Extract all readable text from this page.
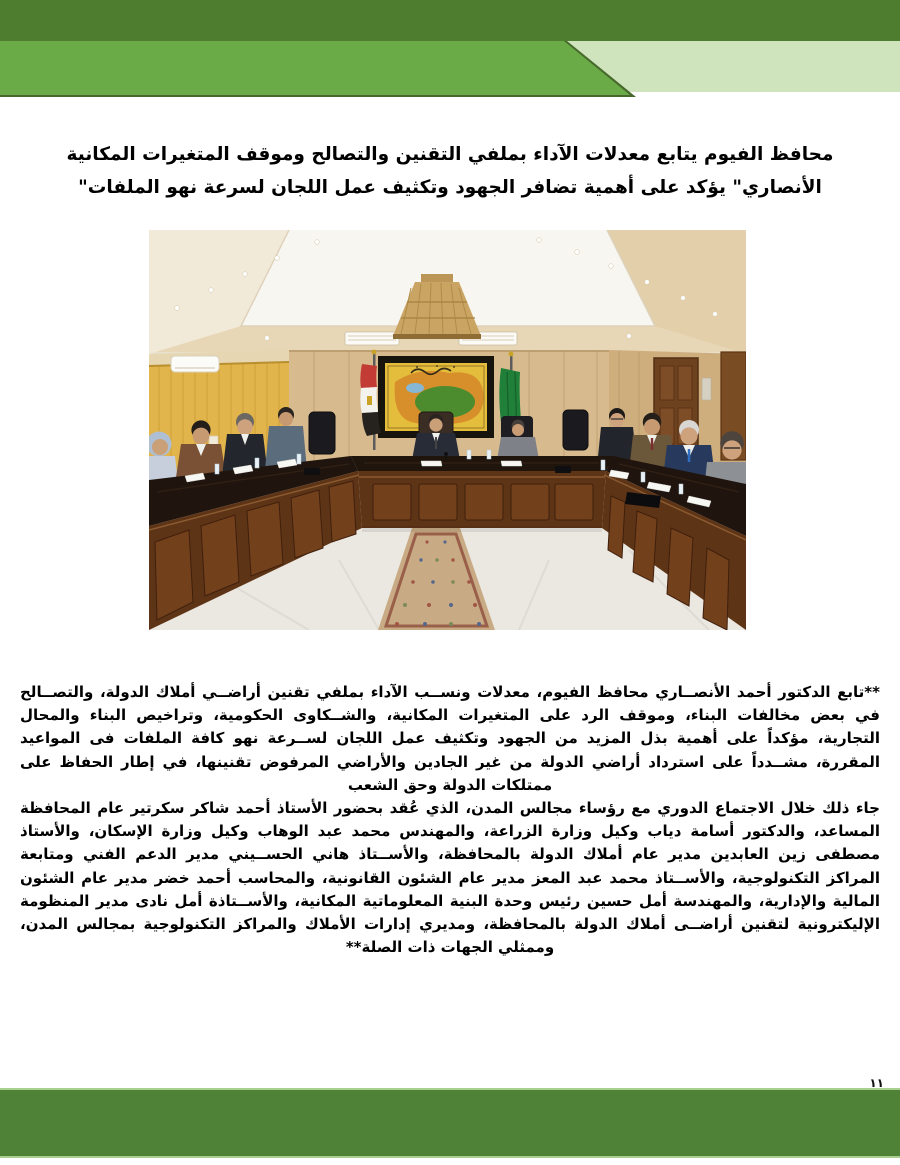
محافظ الفيوم يتابع معدلات الآداء بملفي التقنين والتصالح وموقف المتغيرات المكانية
الأنصاري" يؤكد على أهمية تضافر الجهود وتكثيف عمل اللجان لسرعة نهو الملفات"

**تابع الدكتور أحمد الأنصــاري محافظ الفيوم، معدلات ونســب الآداء بملفي تقنين أراضــي أملاك الدولة، والتصــالح في بعض مخالفات البناء، وموقف الرد على المتغيرات المكانية، والشــكاوى الحكومية، وتراخيص البناء والمحال التجارية، مؤكداً على أهمية بذل المزيد من الجهود وتكثيف عمل اللجان لســرعة نهو كافة الملفات فى المواعيد المقررة، مشــدداً على استرداد أراضي الدولة من غير الجادين والأراضي المرفوض تقنينها، في إطار الحفاظ على ممتلكات الدولة وحق الشعب

جاء ذلك خلال الاجتماع الدوري مع رؤساء مجالس المدن، الذي عُقد بحضور الأستاذ أحمد شاكر سكرتير عام المحافظة المساعد، والدكتور أسامة دياب وكيل وزارة الزراعة، والمهندس محمد عبد الوهاب وكيل وزارة الإسكان، والأستاذ مصطفى زين العابدين مدير عام أملاك الدولة بالمحافظة، والأســتاذ هاني الحســيني مدير الدعم الفني ومتابعة المراكز التكنولوجية، والأســتاذ محمد عبد المعز مدير عام الشئون القانونية، والمحاسب أحمد خضر مدير عام الشئون المالية والإدارية، والمهندسة أمل حسين رئيس وحدة البنية المعلوماتية المكانية، والأســتاذة أمل نادى مدير المنظومة الإليكترونية لتقنين أراضــى أملاك الدولة بالمحافظة، ومديري إدارات الأملاك والمراكز التكنولوجية بمجالس المدن، وممثلي الجهات ذات الصلة**

١١
